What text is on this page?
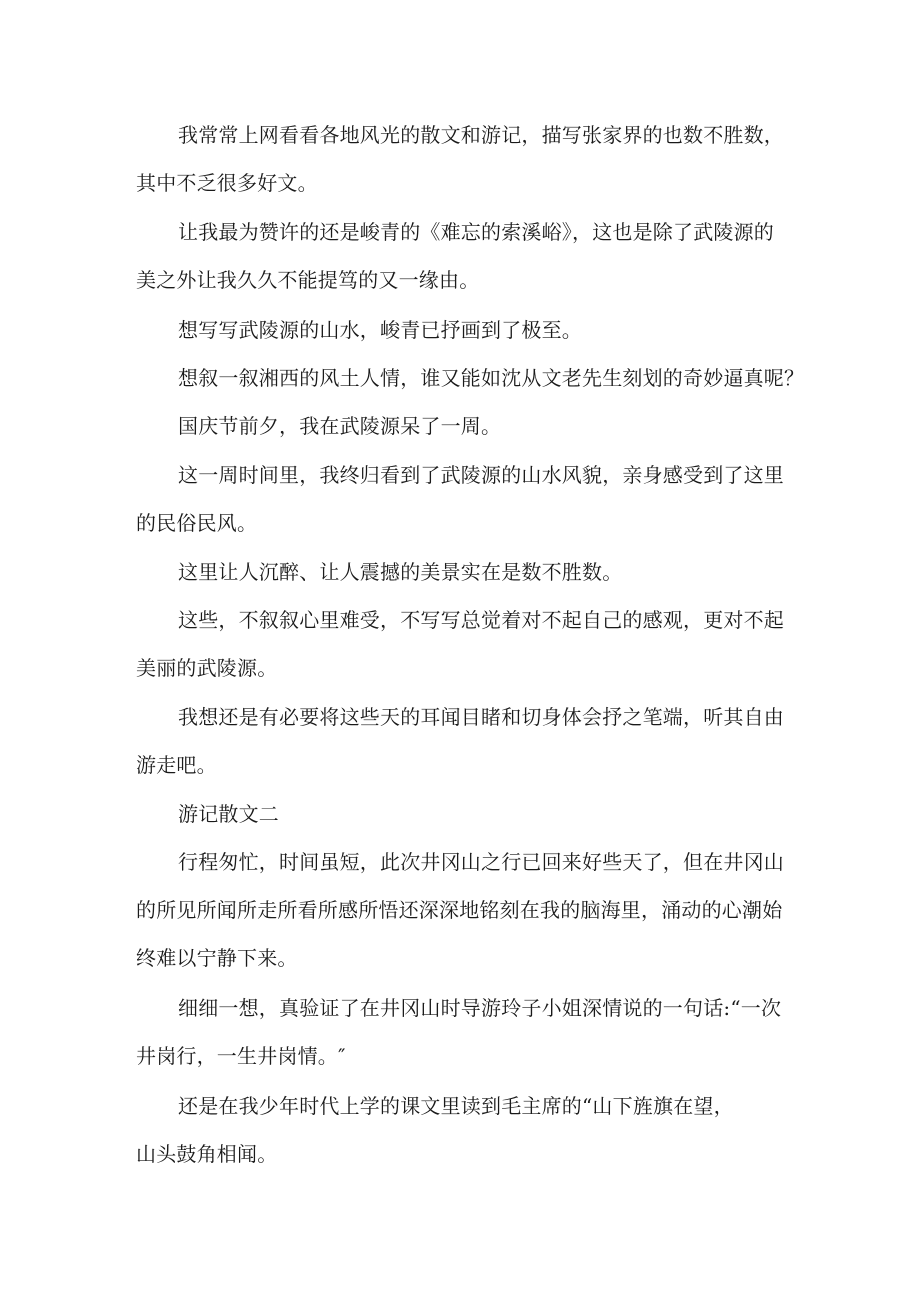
我常常上网看看各地风光的散文和游记，描写张家界的也数不胜数，
其中不乏很多好文。

让我最为赞许的还是峻青的《难忘的索溪峪》，这也是除了武陵源的
美之外让我久久不能提笃的又一缘由。

想写写武陵源的山水，峻青已抒画到了极至。

想叙一叙湘西的风土人情，谁又能如沈从文老先生刻划的奇妙逼真呢？

国庆节前夕，我在武陵源呆了一周。

这一周时间里，我终归看到了武陵源的山水风貌，亲身感受到了这里
的民俗民风。

这里让人沉醉、让人震撼的美景实在是数不胜数。

这些，不叙叙心里难受，不写写总觉着对不起自己的感观，更对不起
美丽的武陵源。

我想还是有必要将这些天的耳闻目睹和切身体会抒之笔端，听其自由
游走吧。

游记散文二

行程匆忙，时间虽短，此次井冈山之行已回来好些天了，但在井冈山
的所见所闻所走所看所感所悟还深深地铭刻在我的脑海里，涌动的心潮始
终难以宁静下来。

细细一想，真验证了在井冈山时导游玲子小姐深情说的一句话:“一次
井岗行，一生井岗情。″

还是在我少年时代上学的课文里读到毛主席的“山下旌旗在望，
山头鼓角相闻。
